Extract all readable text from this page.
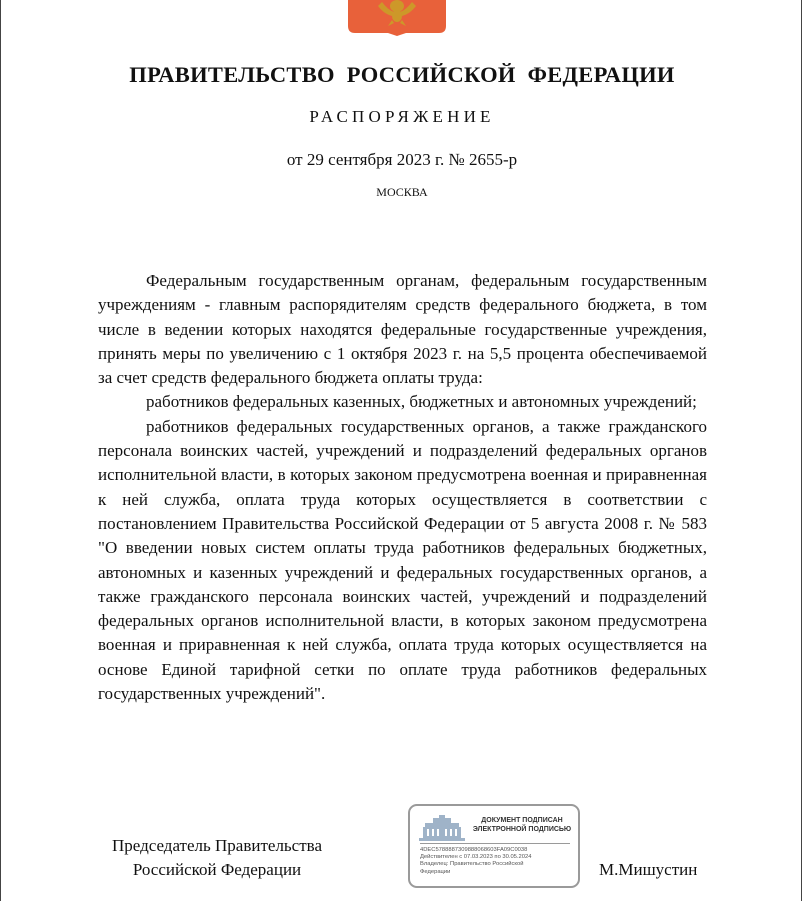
ПРАВИТЕЛЬСТВО РОССИЙСКОЙ ФЕДЕРАЦИИ
РАСПОРЯЖЕНИЕ
от 29 сентября 2023 г. № 2655-р
МОСКВА

Федеральным государственным органам, федеральным государственным учреждениям - главным распорядителям средств федерального бюджета, в том числе в ведении которых находятся федеральные государственные учреждения, принять меры по увеличению с 1 октября 2023 г. на 5,5 процента обеспечиваемой за счет средств федерального бюджета оплаты труда:

работников федеральных казенных, бюджетных и автономных учреждений;

работников федеральных государственных органов, а также гражданского персонала воинских частей, учреждений и подразделений федеральных органов исполнительной власти, в которых законом предусмотрена военная и приравненная к ней служба, оплата труда которых осуществляется в соответствии с постановлением Правительства Российской Федерации от 5 августа 2008 г. № 583 "О введении новых систем оплаты труда работников федеральных бюджетных, автономных и казенных учреждений и федеральных государственных органов, а также гражданского персонала воинских частей, учреждений и подразделений федеральных органов исполнительной власти, в которых законом предусмотрена военная и приравненная к ней служба, оплата труда которых осуществляется на основе Единой тарифной сетки по оплате труда работников федеральных государственных учреждений".

Председатель Правительства
Российской Федерации
ДОКУМЕНТ ПОДПИСАН
ЭЛЕКТРОННОЙ ПОДПИСЬЮ
4DEC5788887309888068603FA09C0038
Действителен с 07.03.2023 по 30.05.2024
Владелец: Правительство Российской
Федерации	М.Мишустин
